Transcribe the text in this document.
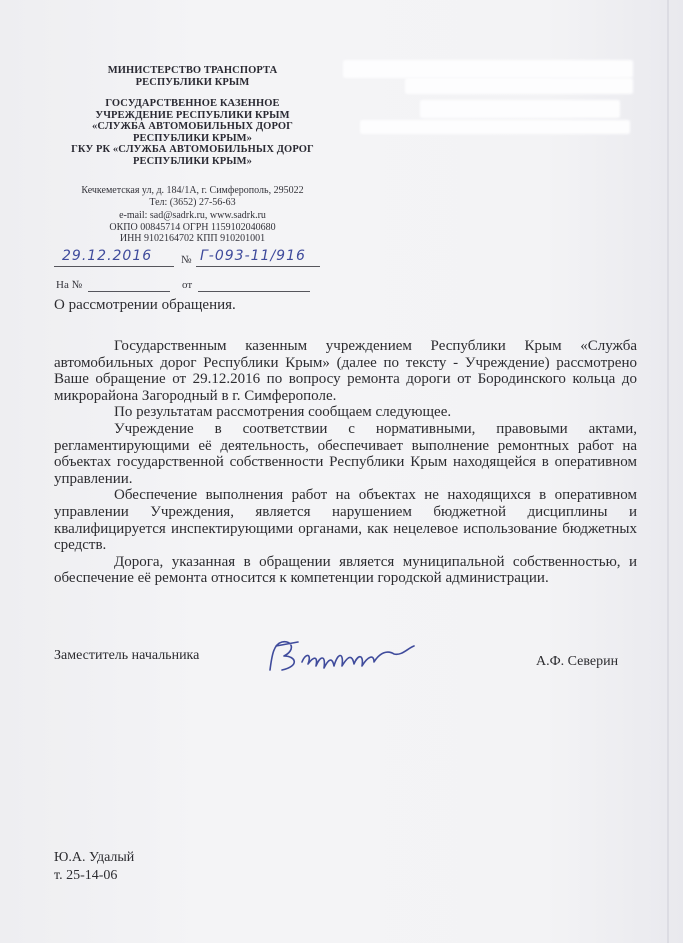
МИНИСТЕРСТВО ТРАНСПОРТА
РЕСПУБЛИКИ КРЫМ
ГОСУДАРСТВЕННОЕ КАЗЕННОЕ
УЧРЕЖДЕНИЕ РЕСПУБЛИКИ КРЫМ
«СЛУЖБА АВТОМОБИЛЬНЫХ ДОРОГ
РЕСПУБЛИКИ КРЫМ»
ГКУ РК «СЛУЖБА АВТОМОБИЛЬНЫХ ДОРОГ
РЕСПУБЛИКИ КРЫМ»
Кечкеметская ул, д. 184/1А, г. Симферополь, 295022
Тел: (3652) 27-56-63
e-mail: sad@sadrk.ru, www.sadrk.ru
ОКПО 00845714 ОГРН 1159102040680
ИНН 9102164702 КПП 910201001
29.12.2016	№ Г-093-11/916
На №	от
О рассмотрении обращения.

Государственным казенным учреждением Республики Крым «Служба автомобильных дорог Республики Крым» (далее по тексту - Учреждение) рассмотрено Ваше обращение от 29.12.2016 по вопросу ремонта дороги от Бородинского кольца до микрорайона Загородный в г. Симферополе.

По результатам рассмотрения сообщаем следующее.

Учреждение в соответствии с нормативными, правовыми актами, регламентирующими её деятельность, обеспечивает выполнение ремонтных работ на объектах государственной собственности Республики Крым находящейся в оперативном управлении.

Обеспечение выполнения работ на объектах не находящихся в оперативном управлении Учреждения, является нарушением бюджетной дисциплины и квалифицируется инспектирующими органами, как нецелевое использование бюджетных средств.

Дорога, указанная в обращении является муниципальной собственностью, и обеспечение её ремонта относится к компетенции городской администрации.

Заместитель начальника	А.Ф. Северин
Ю.А. Удалый
т. 25-14-06
